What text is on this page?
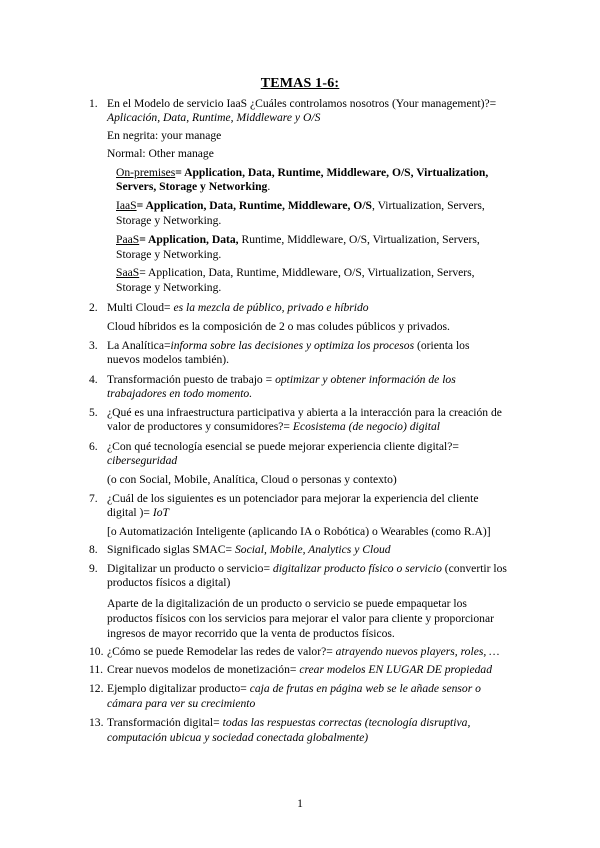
TEMAS 1-6:
1. En el Modelo de servicio IaaS ¿Cuáles controlamos nosotros (Your management)?=
Aplicación, Data, Runtime, Middleware y O/S
En negrita: your manage
Normal: Other manage
On-premises= Application, Data, Runtime, Middleware, O/S, Virtualization,
Servers, Storage y Networking.
IaaS= Application, Data, Runtime, Middleware, O/S, Virtualization, Servers,
Storage y Networking.
PaaS= Application, Data, Runtime, Middleware, O/S, Virtualization, Servers,
Storage y Networking.
SaaS= Application, Data, Runtime, Middleware, O/S, Virtualization, Servers,
Storage y Networking.
2. Multi Cloud= es la mezcla de público, privado e híbrido
Cloud híbridos es la composición de 2 o mas coludes públicos y privados.
3. La Analítica=informa sobre las decisiones y optimiza los procesos (orienta los
nuevos modelos también).
4. Transformación puesto de trabajo = optimizar y obtener información de los
trabajadores en todo momento.
5. ¿Qué es una infraestructura participativa y abierta a la interacción para la creación de
valor de productores y consumidores?= Ecosistema (de negocio) digital
6. ¿Con qué tecnología esencial se puede mejorar experiencia cliente digital?=
ciberseguridad
(o con Social, Mobile, Analítica, Cloud o personas y contexto)
7. ¿Cuál de los siguientes es un potenciador para mejorar la experiencia del cliente
digital )= IoT
[o Automatización Inteligente (aplicando IA o Robótica) o Wearables (como R.A)]
8. Significado siglas SMAC= Social, Mobile, Analytics y Cloud
9. Digitalizar un producto o servicio= digitalizar producto físico o servicio (convertir los
productos físicos a digital)
Aparte de la digitalización de un producto o servicio se puede empaquetar los
productos físicos con los servicios para mejorar el valor para cliente y proporcionar
ingresos de mayor recorrido que la venta de productos físicos.
10. ¿Cómo se puede Remodelar las redes de valor?= atrayendo nuevos players, roles, …
11. Crear nuevos modelos de monetización= crear modelos EN LUGAR DE propiedad
12. Ejemplo digitalizar producto= caja de frutas en página web se le añade sensor o
cámara para ver su crecimiento
13. Transformación digital= todas las respuestas correctas (tecnología disruptiva,
computación ubicua y sociedad conectada globalmente)
1
